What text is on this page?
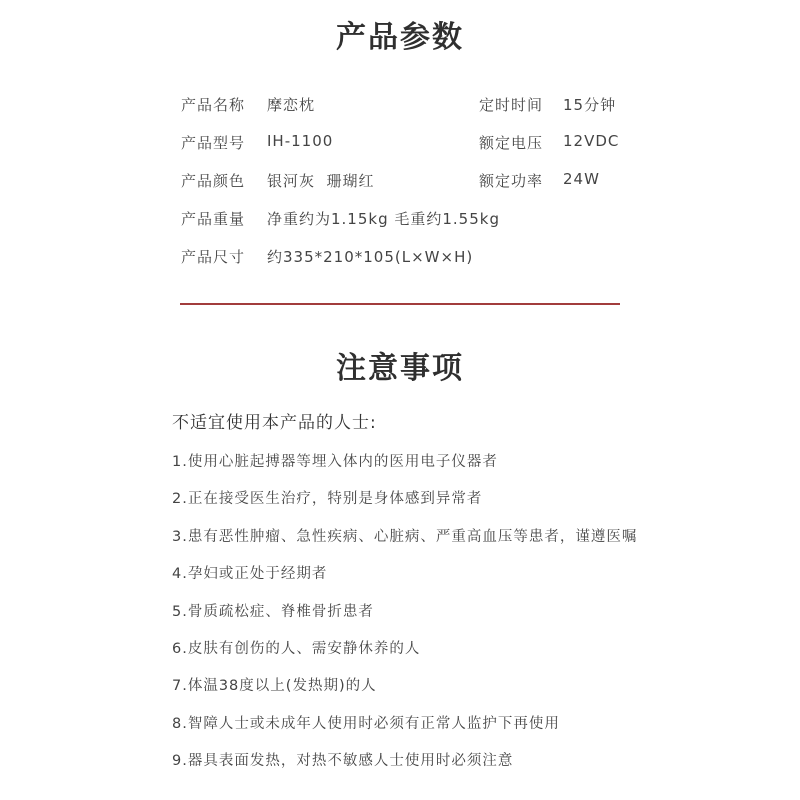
产品参数
产品名称 摩恋枕	定时时间 15分钟
产品型号 IH-1100	额定电压 12VDC
产品颜色 银河灰  珊瑚红	额定功率 24W
产品重量 净重约为1.15kg 毛重约1.55kg
产品尺寸 约335*210*105(L×W×H)
注意事项
不适宜使用本产品的人士:
1.使用心脏起搏器等埋入体内的医用电子仪器者
2.正在接受医生治疗，特别是身体感到异常者
3.患有恶性肿瘤、急性疾病、心脏病、严重高血压等患者，谨遵医嘱
4.孕妇或正处于经期者
5.骨质疏松症、脊椎骨折患者
6.皮肤有创伤的人、需安静休养的人
7.体温38度以上(发热期)的人
8.智障人士或未成年人使用时必须有正常人监护下再使用
9.器具表面发热，对热不敏感人士使用时必须注意
